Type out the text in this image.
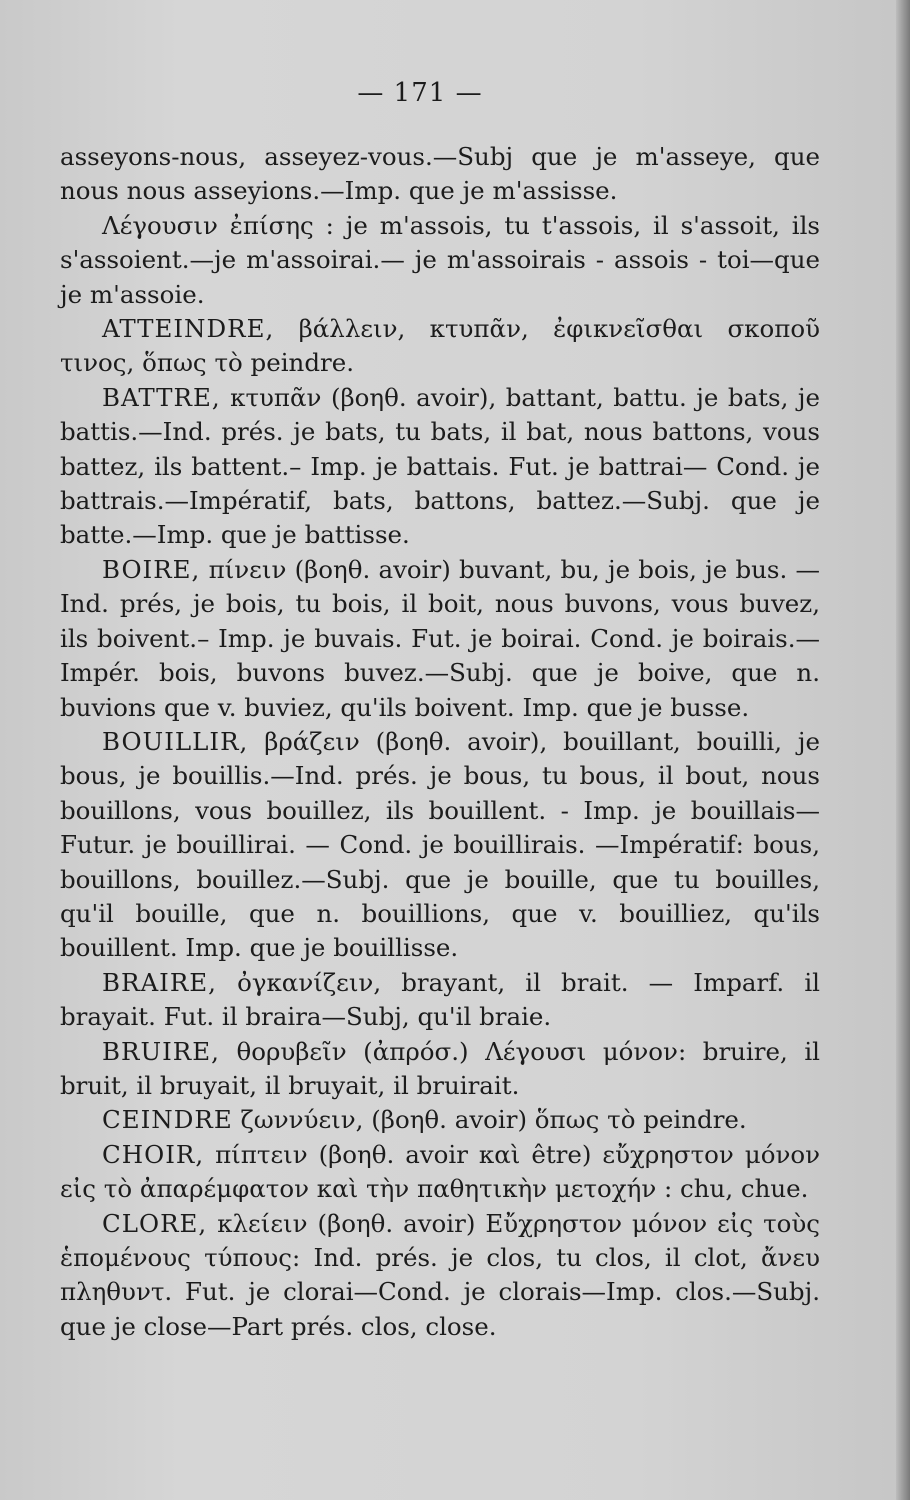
— 171 —

asseyons-nous, asseyez-vous.—Subj que je m'asseye, que nous nous asseyions.—Imp. que je m'assisse.

Λέγουσιν ἐπίσης : je m'assois, tu t'assois, il s'assoit, ils s'assoient.—je m'assoirai.— je m'assoirais - assois - toi—que je m'assoie.

ATTEINDRE, βάλλειν, κτυπᾶν, ἐφικνεῖσθαι σκοποῦ τινος, ὅπως τὸ peindre.

BATTRE, κτυπᾶν (βοηθ. avoir), battant, battu. je bats, je battis.—Ind. prés. je bats, tu bats, il bat, nous battons, vous battez, ils battent.– Imp. je battais. Fut. je battrai— Cond. je battrais.—Impératif, bats, battons, battez.—Subj. que je batte.—Imp. que je battisse.

BOIRE, πίνειν (βοηθ. avoir) buvant, bu, je bois, je bus. —Ind. prés, je bois, tu bois, il boit, nous buvons, vous buvez, ils boivent.– Imp. je buvais. Fut. je boirai. Cond. je boirais.—Impér. bois, buvons buvez.—Subj. que je boive, que n. buvions que v. buviez, qu'ils boivent. Imp. que je busse.

BOUILLIR, βράζειν (βοηθ. avoir), bouillant, bouilli, je bous, je bouillis.—Ind. prés. je bous, tu bous, il bout, nous bouillons, vous bouillez, ils bouillent. - Imp. je bouillais— Futur. je bouillirai. — Cond. je bouillirais. —Impératif: bous, bouillons, bouillez.—Subj. que je bouille, que tu bouilles, qu'il bouille, que n. bouillions, que v. bouilliez, qu'ils bouillent. Imp. que je bouillisse.

BRAIRE, ὀγκανίζειν, brayant, il brait. — Imparf. il brayait. Fut. il braira—Subj, qu'il braie.

BRUIRE, θορυβεῖν (ἀπρόσ.) Λέγουσι μόνον: bruire, il bruit, il bruyait, il bruyait, il bruirait.

CEINDRE ζωννύειν, (βοηθ. avoir) ὅπως τὸ peindre.

CHOIR, πίπτειν (βοηθ. avoir καὶ être) εὔχρηστον μόνον εἰς τὸ ἀπαρέμφατον καὶ τὴν παθητικὴν μετοχήν : chu, chue.

CLORE, κλείειν (βοηθ. avoir) Εὔχρηστον μόνον εἰς τοὺς ἑπομένους τύπους: Ind. prés. je clos, tu clos, il clot, ἄνευ πληθυντ. Fut. je clorai—Cond. je clorais—Imp. clos.—Subj. que je close—Part prés. clos, close.
